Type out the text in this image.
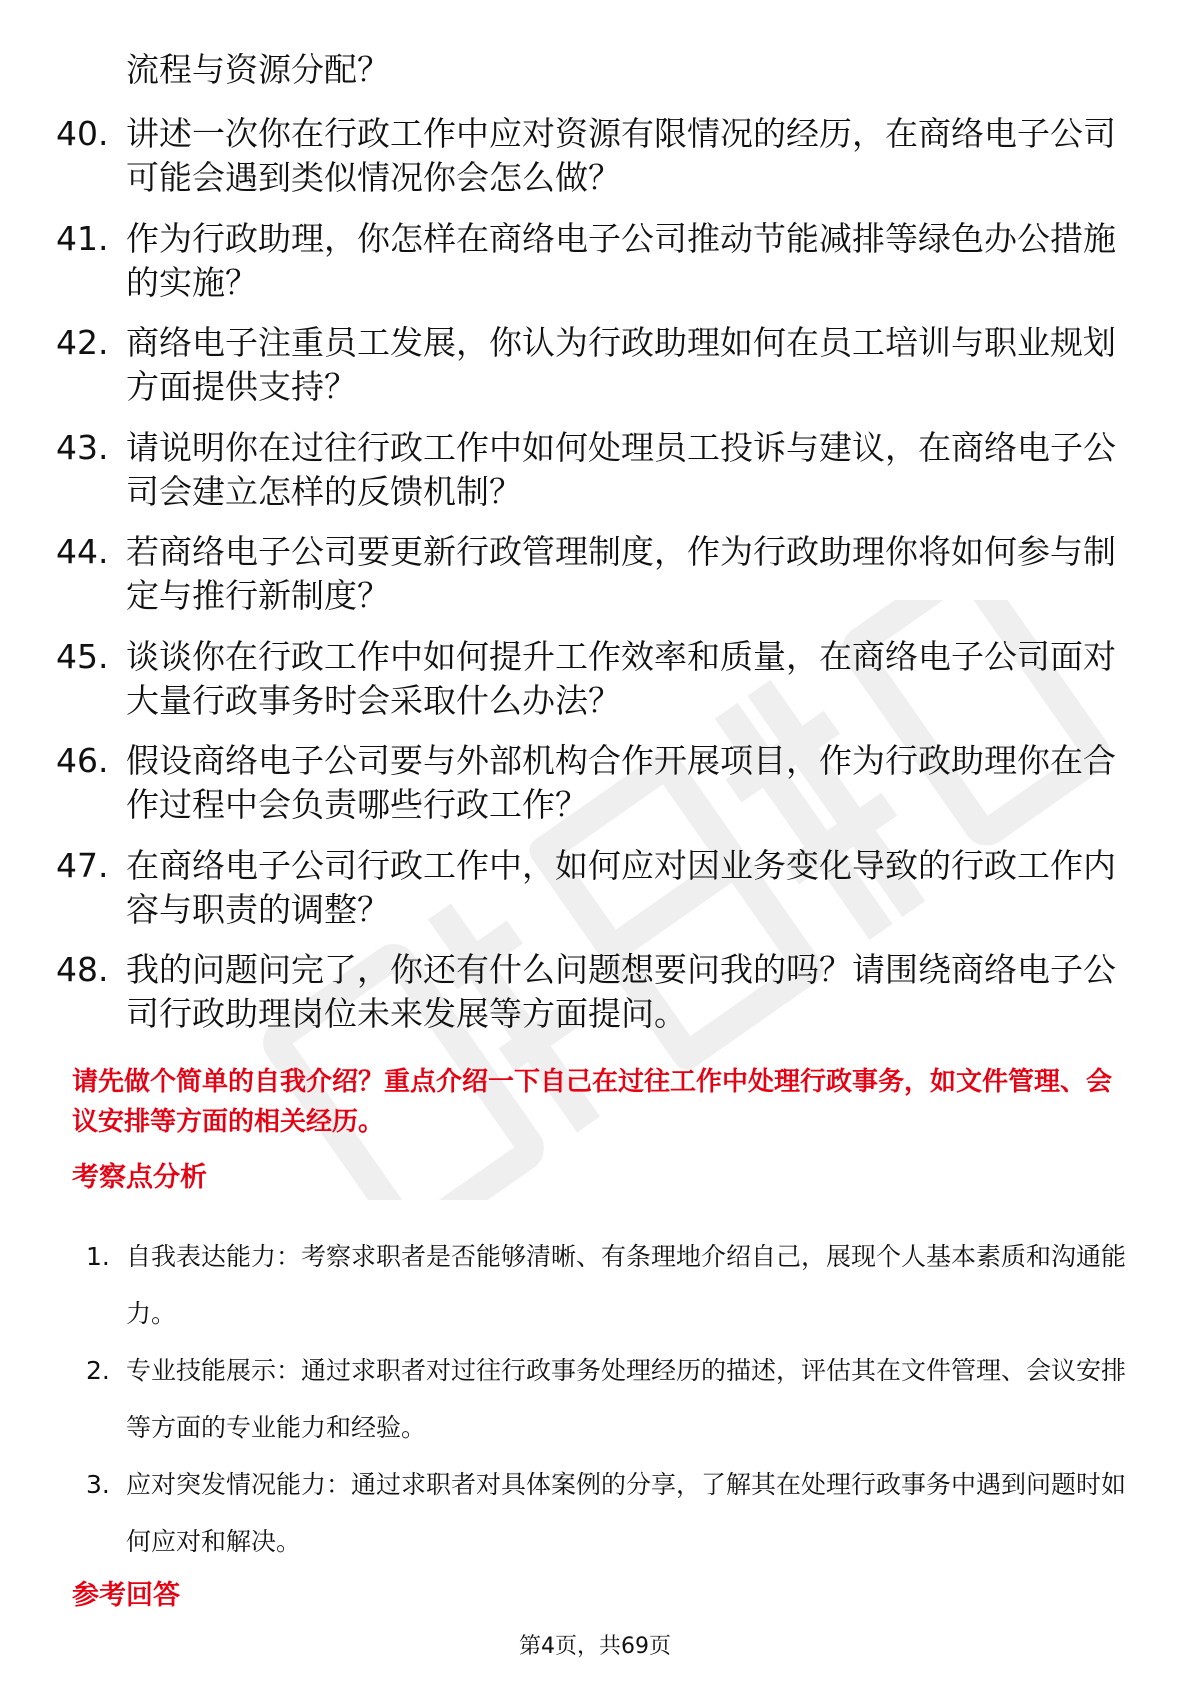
流程与资源分配？
40. 讲述一次你在行政工作中应对资源有限情况的经历，在商络电子公司可能会遇到类似情况你会怎么做？
41. 作为行政助理，你怎样在商络电子公司推动节能减排等绿色办公措施的实施？
42. 商络电子注重员工发展，你认为行政助理如何在员工培训与职业规划方面提供支持？
43. 请说明你在过往行政工作中如何处理员工投诉与建议，在商络电子公司会建立怎样的反馈机制？
44. 若商络电子公司要更新行政管理制度，作为行政助理你将如何参与制定与推行新制度？
45. 谈谈你在行政工作中如何提升工作效率和质量，在商络电子公司面对大量行政事务时会采取什么办法？
46. 假设商络电子公司要与外部机构合作开展项目，作为行政助理你在合作过程中会负责哪些行政工作？
47. 在商络电子公司行政工作中，如何应对因业务变化导致的行政工作内容与职责的调整？
48. 我的问题问完了，你还有什么问题想要问我的吗？请围绕商络电子公司行政助理岗位未来发展等方面提问。
请先做个简单的自我介绍？重点介绍一下自己在过往工作中处理行政事务，如文件管理、会议安排等方面的相关经历。
考察点分析
1. 自我表达能力：考察求职者是否能够清晰、有条理地介绍自己，展现个人基本素质和沟通能力。
2. 专业技能展示：通过求职者对过往行政事务处理经历的描述，评估其在文件管理、会议安排等方面的专业能力和经验。
3. 应对突发情况能力：通过求职者对具体案例的分享，了解其在处理行政事务中遇到问题时如何应对和解决。
参考回答
第4页，共69页
